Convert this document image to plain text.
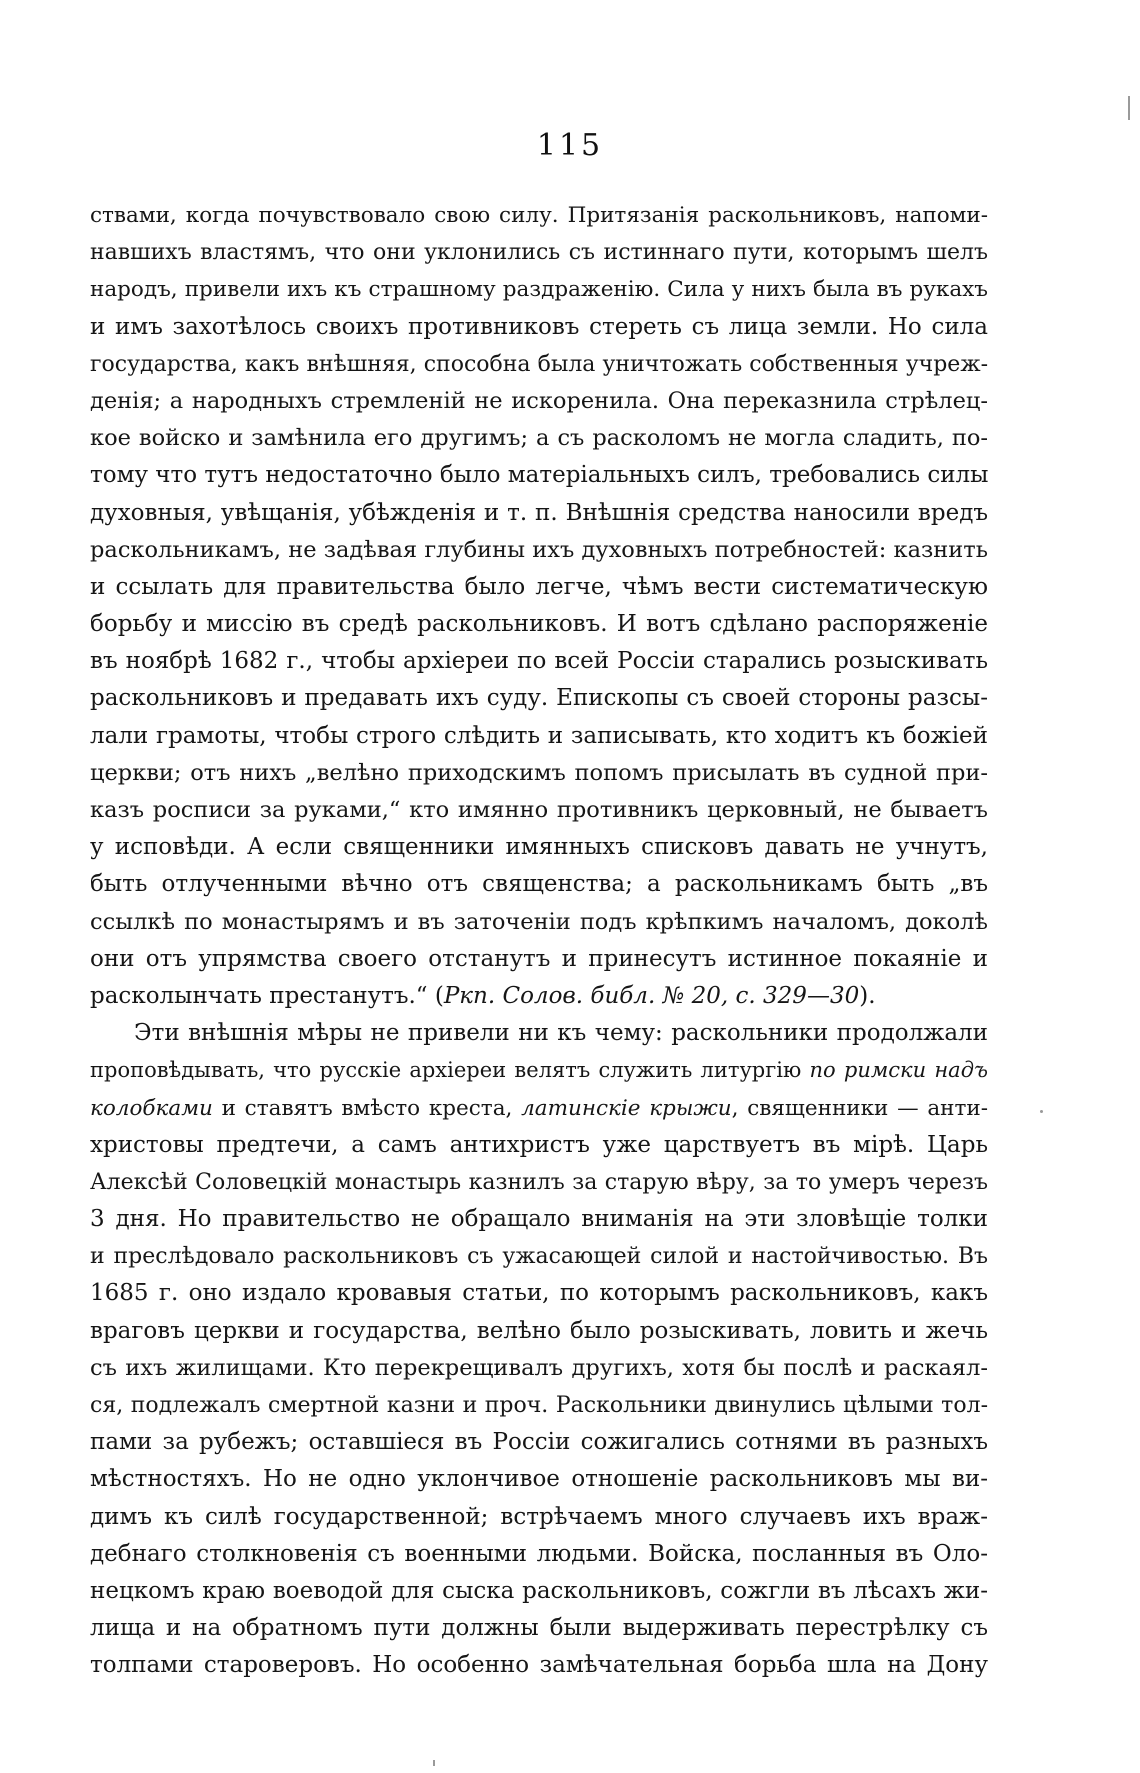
115
ствами, когда почувствовало свою силу. Притязанія раскольниковъ, напоми-
навшихъ властямъ, что они уклонились съ истиннаго пути, которымъ шелъ
народъ, привели ихъ къ страшному раздраженію. Сила у нихъ была въ рукахъ
и имъ захотѣлось своихъ противниковъ стереть съ лица земли. Но сила
государства, какъ внѣшняя, способна была уничтожать собственныя учреж-
денія; а народныхъ стремленій не искоренила. Она переказнила стрѣлец-
кое войско и замѣнила его другимъ; а съ расколомъ не могла сладить, по-
тому что тутъ недостаточно было матеріальныхъ силъ, требовались силы
духовныя, увѣщанія, убѣжденія и т. п. Внѣшнія средства наносили вредъ
раскольникамъ, не задѣвая глубины ихъ духовныхъ потребностей: казнить
и ссылать для правительства было легче, чѣмъ вести систематическую
борьбу и миссію въ средѣ раскольниковъ. И вотъ сдѣлано распоряженіе
въ ноябрѣ 1682 г., чтобы архіереи по всей Россіи старались розыскивать
раскольниковъ и предавать ихъ суду. Епископы съ своей стороны разсы-
лали грамоты, чтобы строго слѣдить и записывать, кто ходитъ къ божіей
церкви; отъ нихъ „велѣно приходскимъ попомъ присылать въ судной при-
казъ росписи за руками,“ кто имянно противникъ церковный, не бываетъ
у исповѣди. А если священники имянныхъ списковъ давать не учнутъ,
быть отлученными вѣчно отъ священства; а раскольникамъ быть „въ
ссылкѣ по монастырямъ и въ заточеніи подъ крѣпкимъ началомъ, доколѣ
они отъ упрямства своего отстанутъ и принесутъ истинное покаяніе и
расколынчать престанутъ.“ (Ркп. Солов. библ. № 20, с. 329—30).
Эти внѣшнія мѣры не привели ни къ чему: раскольники продолжали
проповѣдывать, что русскіе архіереи велятъ служить литургію по римски надъ
колобками и ставятъ вмѣсто креста, латинскіе крыжи, священники — анти-
христовы предтечи, а самъ антихристъ уже царствуетъ въ мірѣ. Царь
Алексѣй Соловецкій монастырь казнилъ за старую вѣру, за то умеръ черезъ
3 дня. Но правительство не обращало вниманія на эти зловѣщіе толки
и преслѣдовало раскольниковъ съ ужасающей силой и настойчивостью. Въ
1685 г. оно издало кровавыя статьи, по которымъ раскольниковъ, какъ
враговъ церкви и государства, велѣно было розыскивать, ловить и жечь
съ ихъ жилищами. Кто перекрещивалъ другихъ, хотя бы послѣ и раскаял-
ся, подлежалъ смертной казни и проч. Раскольники двинулись цѣлыми тол-
пами за рубежъ; оставшіеся въ Россіи сожигались сотнями въ разныхъ
мѣстностяхъ. Но не одно уклончивое отношеніе раскольниковъ мы ви-
димъ къ силѣ государственной; встрѣчаемъ много случаевъ ихъ враж-
дебнаго столкновенія съ военными людьми. Войска, посланныя въ Оло-
нецкомъ краю воеводой для сыска раскольниковъ, сожгли въ лѣсахъ жи-
лища и на обратномъ пути должны были выдерживать перестрѣлку съ
толпами староверовъ. Но особенно замѣчательная борьба шла на Дону
